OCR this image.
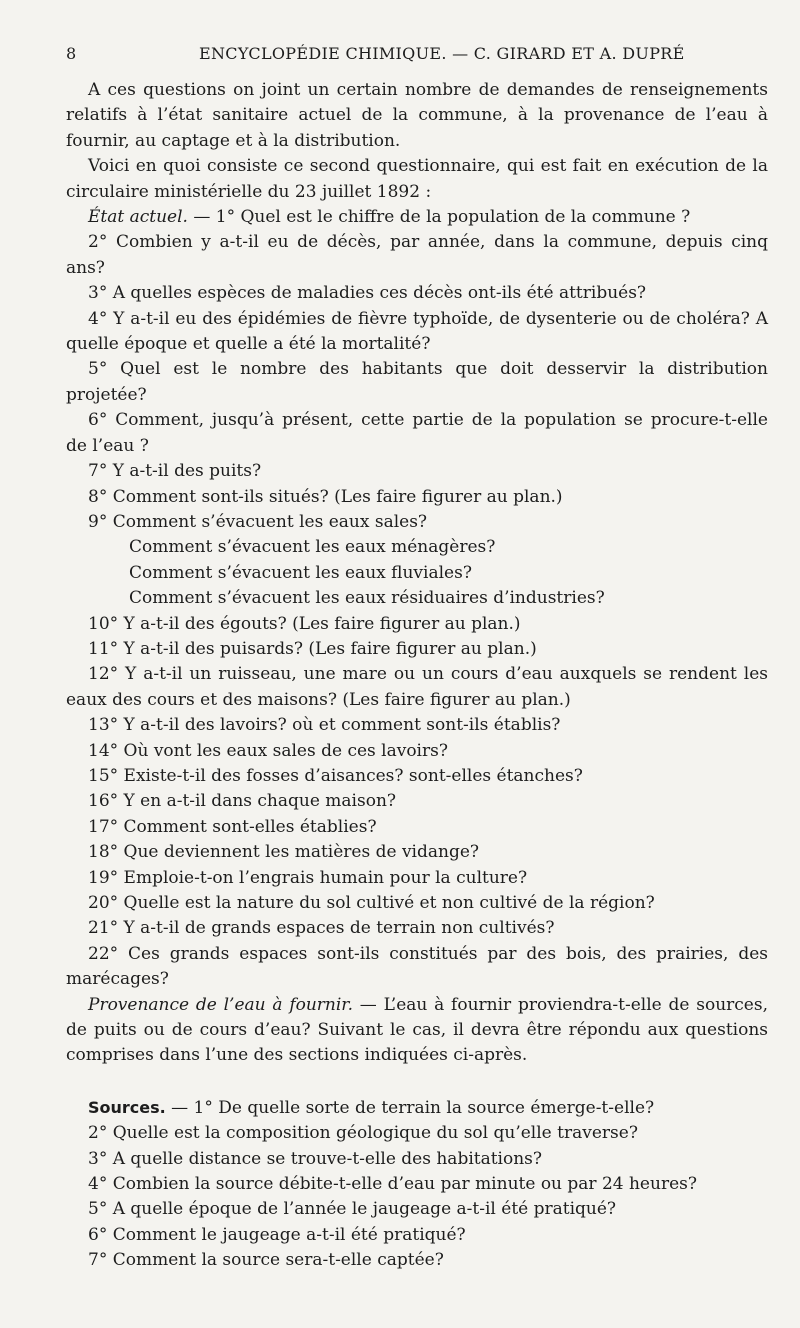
8	ENCYCLOPÉDIE CHIMIQUE. — C. GIRARD ET A. DUPRÉ

A ces questions on joint un certain nombre de demandes de renseignements relatifs à l’état sanitaire actuel de la commune, à la provenance de l’eau à fournir, au captage et à la distribution.

Voici en quoi consiste ce second questionnaire, qui est fait en exécution de la circulaire ministérielle du 23 juillet 1892 :

État actuel. — 1° Quel est le chiffre de la population de la commune ?

2° Combien y a-t-il eu de décès, par année, dans la commune, depuis cinq ans?

3° A quelles espèces de maladies ces décès ont-ils été attribués?

4° Y a-t-il eu des épidémies de fièvre typhoïde, de dysenterie ou de choléra? A quelle époque et quelle a été la mortalité?

5° Quel est le nombre des habitants que doit desservir la distribution projetée?

6° Comment, jusqu’à présent, cette partie de la population se procure-t-elle de l’eau ?

7° Y a-t-il des puits?

8° Comment sont-ils situés? (Les faire figurer au plan.)

9° Comment s’évacuent les eaux sales?

Comment s’évacuent les eaux ménagères?

Comment s’évacuent les eaux fluviales?

Comment s’évacuent les eaux résiduaires d’industries?

10° Y a-t-il des égouts? (Les faire figurer au plan.)

11° Y a-t-il des puisards? (Les faire figurer au plan.)

12° Y a-t-il un ruisseau, une mare ou un cours d’eau auxquels se rendent les eaux des cours et des maisons? (Les faire figurer au plan.)

13° Y a-t-il des lavoirs? où et comment sont-ils établis?

14° Où vont les eaux sales de ces lavoirs?

15° Existe-t-il des fosses d’aisances? sont-elles étanches?

16° Y en a-t-il dans chaque maison?

17° Comment sont-elles établies?

18° Que deviennent les matières de vidange?

19° Emploie-t-on l’engrais humain pour la culture?

20° Quelle est la nature du sol cultivé et non cultivé de la région?

21° Y a-t-il de grands espaces de terrain non cultivés?

22° Ces grands espaces sont-ils constitués par des bois, des prairies, des marécages?

Provenance de l’eau à fournir. — L’eau à fournir proviendra-t-elle de sources, de puits ou de cours d’eau? Suivant le cas, il devra être répondu aux questions comprises dans l’une des sections indiquées ci-après.

Sources. — 1° De quelle sorte de terrain la source émerge-t-elle?

2° Quelle est la composition géologique du sol qu’elle traverse?

3° A quelle distance se trouve-t-elle des habitations?

4° Combien la source débite-t-elle d’eau par minute ou par 24 heures?

5° A quelle époque de l’année le jaugeage a-t-il été pratiqué?

6° Comment le jaugeage a-t-il été pratiqué?

7° Comment la source sera-t-elle captée?
